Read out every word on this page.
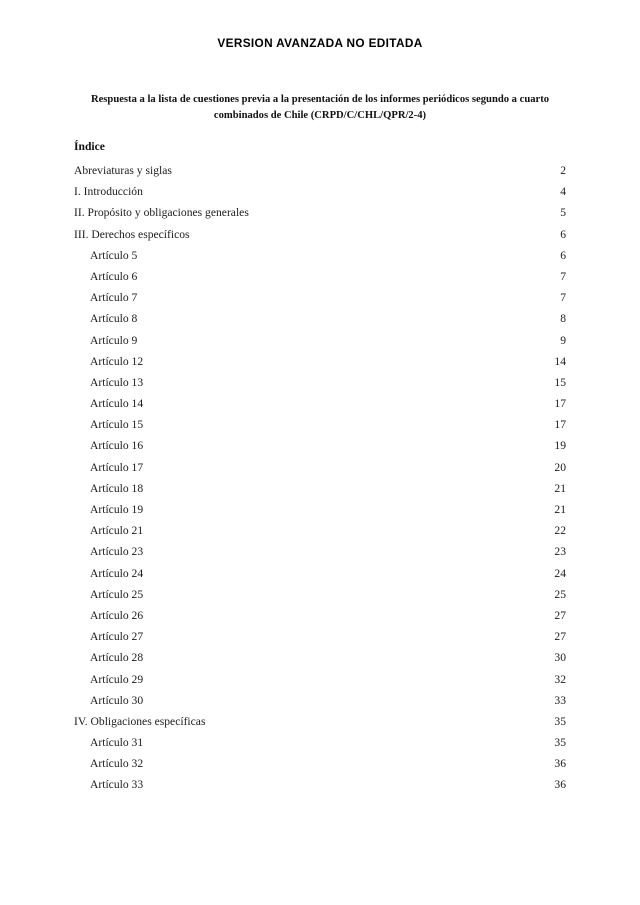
VERSION AVANZADA NO EDITADA
Respuesta a la lista de cuestiones previa a la presentación de los informes periódicos segundo a cuarto
combinados de Chile (CRPD/C/CHL/QPR/2-4)
Índice
Abreviaturas y siglas	2
I. Introducción	4
II. Propósito y obligaciones generales	5
III. Derechos específicos	6
Artículo 5	6
Artículo 6	7
Artículo 7	7
Artículo 8	8
Artículo 9	9
Artículo 12	14
Artículo 13	15
Artículo 14	17
Artículo 15	17
Artículo 16	19
Artículo 17	20
Artículo 18	21
Artículo 19	21
Artículo 21	22
Artículo 23	23
Artículo 24	24
Artículo 25	25
Artículo 26	27
Artículo 27	27
Artículo 28	30
Artículo 29	32
Artículo 30	33
IV. Obligaciones específicas	35
Artículo 31	35
Artículo 32	36
Artículo 33	36
